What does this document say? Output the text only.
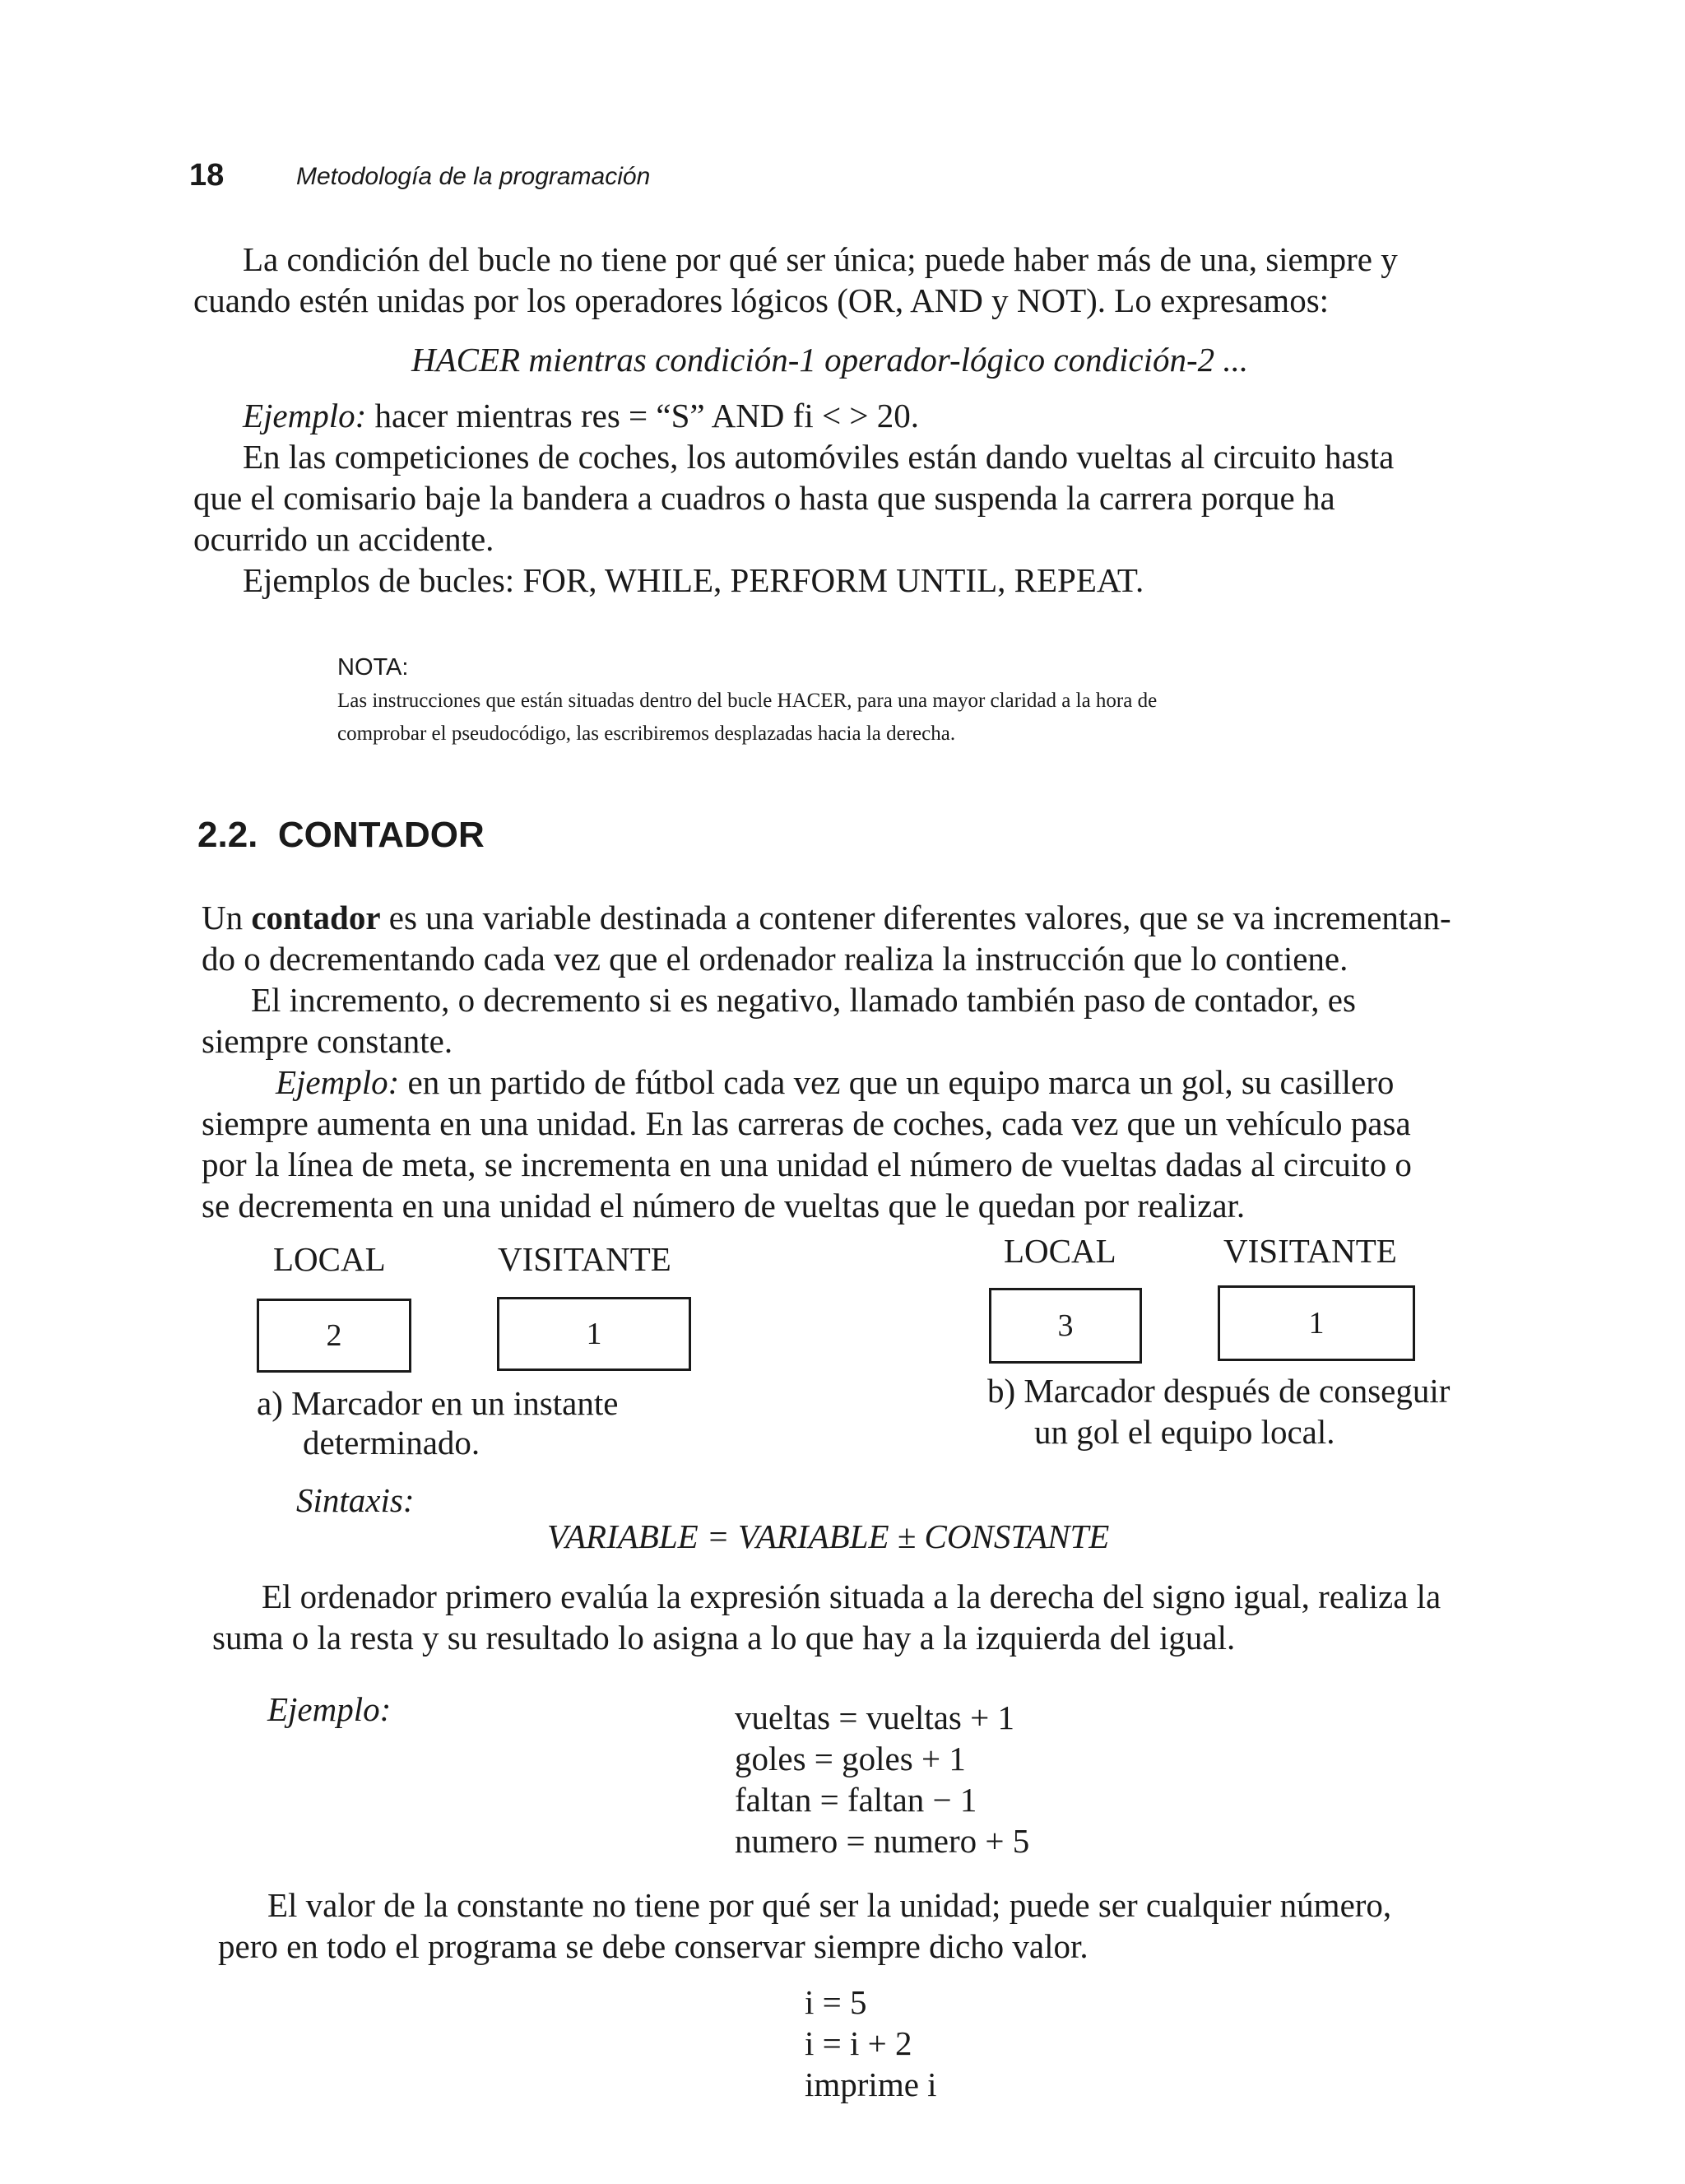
18	Metodología de la programación
La condición del bucle no tiene por qué ser única; puede haber más de una, siempre y
cuando estén unidas por los operadores lógicos (OR, AND y NOT). Lo expresamos:
HACER mientras condición-1 operador-lógico condición-2 ...
Ejemplo: hacer mientras res = “S” AND fi < > 20.
En las competiciones de coches, los automóviles están dando vueltas al circuito hasta
que el comisario baje la bandera a cuadros o hasta que suspenda la carrera porque ha
ocurrido un accidente.
Ejemplos de bucles: FOR, WHILE, PERFORM UNTIL, REPEAT.
NOTA:
Las instrucciones que están situadas dentro del bucle HACER, para una mayor claridad a la hora de
comprobar el pseudocódigo, las escribiremos desplazadas hacia la derecha.
2.2.  CONTADOR
Un contador es una variable destinada a contener diferentes valores, que se va incrementan-
do o decrementando cada vez que el ordenador realiza la instrucción que lo contiene.
El incremento, o decremento si es negativo, llamado también paso de contador, es
siempre constante.
Ejemplo: en un partido de fútbol cada vez que un equipo marca un gol, su casillero
siempre aumenta en una unidad. En las carreras de coches, cada vez que un vehículo pasa
por la línea de meta, se incrementa en una unidad el número de vueltas dadas al circuito o
se decrementa en una unidad el número de vueltas que le quedan por realizar.
LOCAL	VISITANTE
2	1
a) Marcador en un instante
determinado.
LOCAL	VISITANTE
3	1
b) Marcador después de conseguir
un gol el equipo local.
Sintaxis:
VARIABLE = VARIABLE ± CONSTANTE
El ordenador primero evalúa la expresión situada a la derecha del signo igual, realiza la
suma o la resta y su resultado lo asigna a lo que hay a la izquierda del igual.
Ejemplo:	vueltas = vueltas + 1
goles = goles + 1
faltan = faltan − 1
numero = numero + 5
El valor de la constante no tiene por qué ser la unidad; puede ser cualquier número,
pero en todo el programa se debe conservar siempre dicho valor.
i = 5
i = i + 2
imprime i
